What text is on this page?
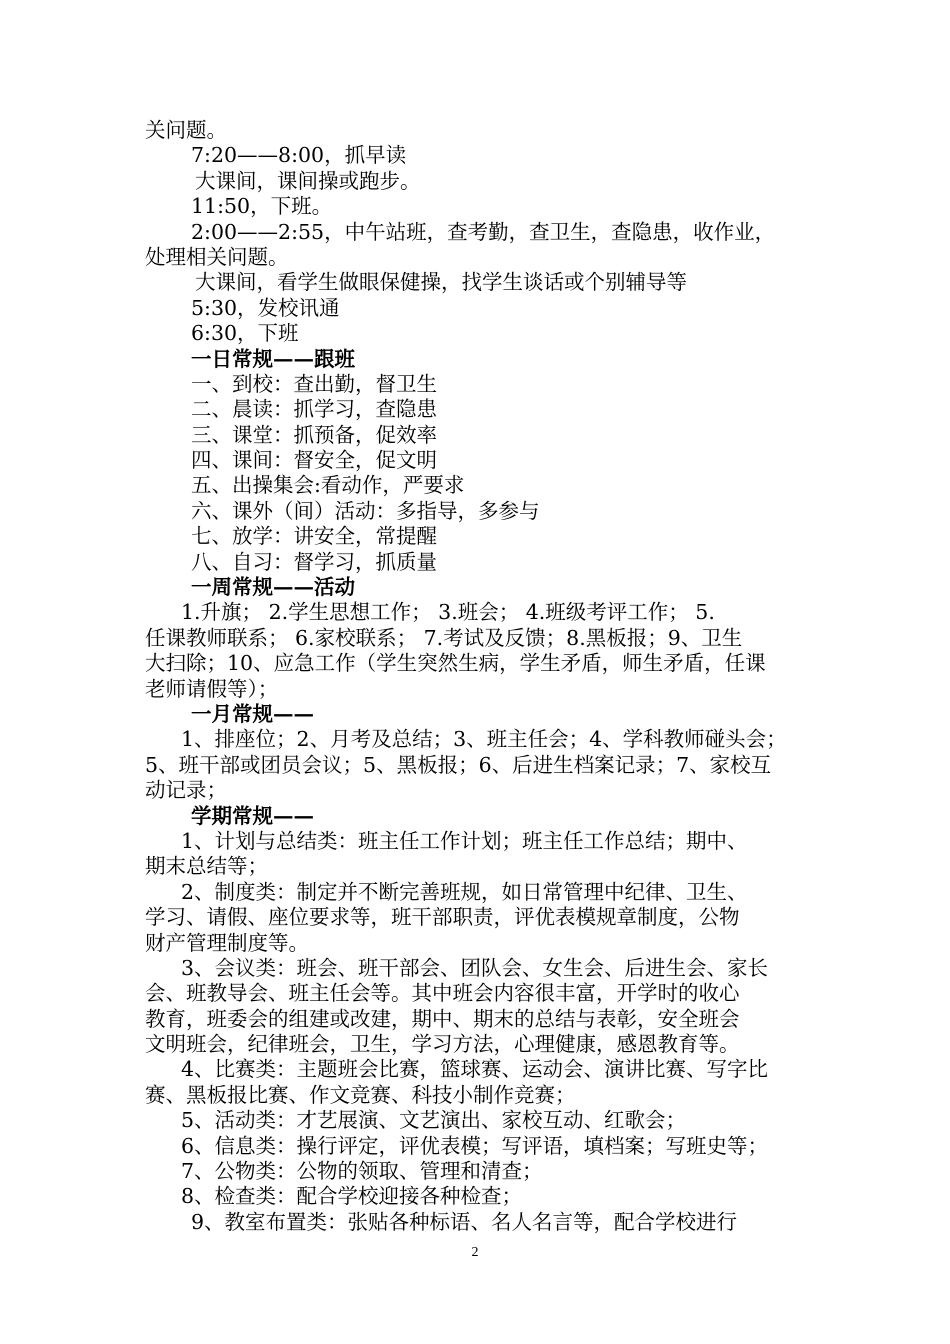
关问题。
7:20——8:00，抓早读
大课间，课间操或跑步。
11:50，下班。
2:00——2:55，中午站班，查考勤，查卫生，查隐患，收作业，
处理相关问题。
大课间，看学生做眼保健操，找学生谈话或个别辅导等
5:30，发校讯通
6:30，下班
一日常规——跟班
一、到校：查出勤，督卫生
二、晨读：抓学习，查隐患
三、课堂：抓预备，促效率
四、课间：督安全，促文明
五、出操集会:看动作，严要求
六、课外（间）活动：多指导，多参与
七、放学：讲安全，常提醒
八、自习：督学习，抓质量
一周常规——活动
1.升旗； 2.学生思想工作； 3.班会； 4.班级考评工作； 5.
任课教师联系； 6.家校联系； 7.考试及反馈；8.黑板报；9、卫生
大扫除；10、应急工作（学生突然生病，学生矛盾，师生矛盾，任课
老师请假等）；
一月常规——
1、排座位；2、月考及总结；3、班主任会；4、学科教师碰头会；
5、班干部或团员会议；5、黑板报；6、后进生档案记录；7、家校互
动记录；
学期常规——
1、计划与总结类：班主任工作计划；班主任工作总结；期中、
期末总结等；
2、制度类：制定并不断完善班规，如日常管理中纪律、卫生、
学习、请假、座位要求等，班干部职责，评优表模规章制度，公物
财产管理制度等。
3、会议类：班会、班干部会、团队会、女生会、后进生会、家长
会、班教导会、班主任会等。其中班会内容很丰富，开学时的收心
教育，班委会的组建或改建，期中、期末的总结与表彰，安全班会
文明班会，纪律班会，卫生，学习方法，心理健康，感恩教育等。
4、比赛类：主题班会比赛，篮球赛、运动会、演讲比赛、写字比
赛、黑板报比赛、作文竞赛、科技小制作竞赛；
5、活动类：才艺展演、文艺演出、家校互动、红歌会；
6、信息类：操行评定，评优表模；写评语，填档案；写班史等；
7、公物类：公物的领取、管理和清查；
8、检查类：配合学校迎接各种检查；
9、教室布置类：张贴各种标语、名人名言等，配合学校进行
2
